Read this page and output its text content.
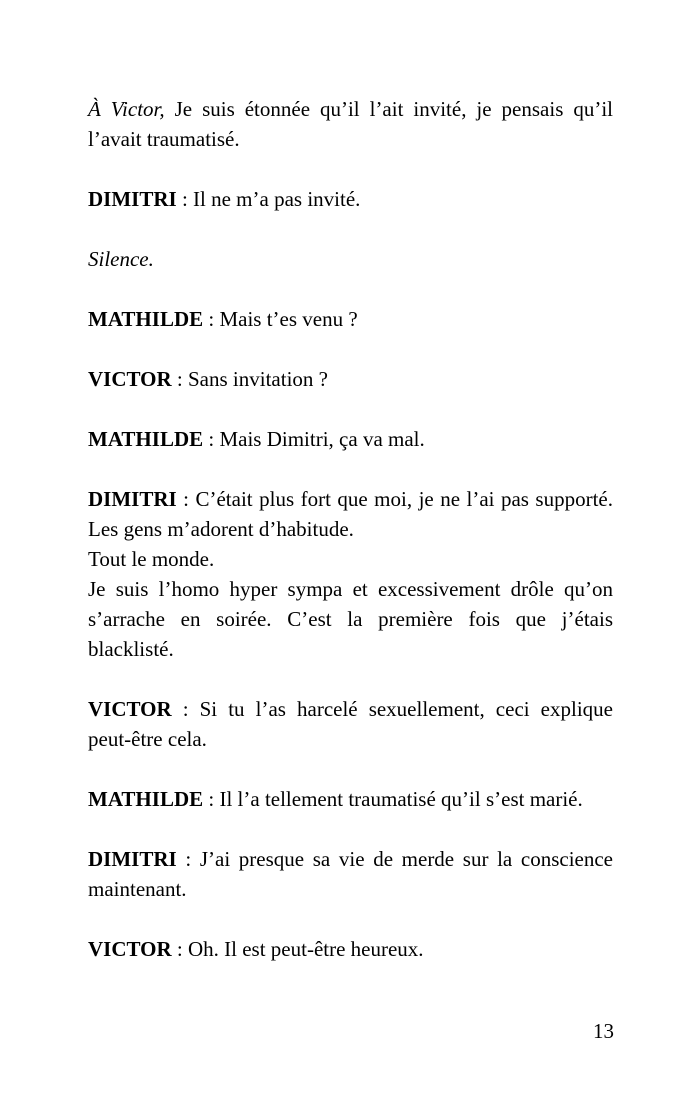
À Victor, Je suis étonnée qu’il l’ait invité, je pensais qu’il l’avait traumatisé.

DIMITRI : Il ne m’a pas invité.

Silence.

MATHILDE : Mais t’es venu ?

VICTOR : Sans invitation ?

MATHILDE : Mais Dimitri, ça va mal.

DIMITRI : C’était plus fort que moi, je ne l’ai pas supporté. Les gens m’adorent d’habitude.
Tout le monde.
Je suis l’homo hyper sympa et excessivement drôle qu’on s’arrache en soirée. C’est la première fois que j’étais blacklisté.

VICTOR : Si tu l’as harcelé sexuellement, ceci explique peut-être cela.

MATHILDE : Il l’a tellement traumatisé qu’il s’est marié.

DIMITRI : J’ai presque sa vie de merde sur la conscience maintenant.

VICTOR : Oh. Il est peut-être heureux.

13
